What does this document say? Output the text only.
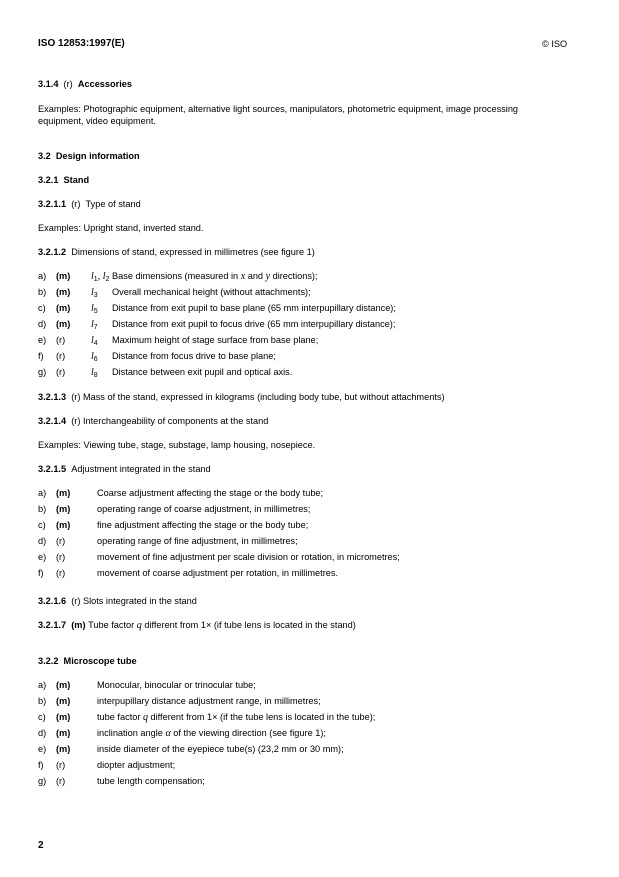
ISO 12853:1997(E)	© ISO
3.1.4 (r) Accessories
Examples: Photographic equipment, alternative light sources, manipulators, photometric equipment, image processing equipment, video equipment.
3.2 Design information
3.2.1 Stand
3.2.1.1 (r) Type of stand
Examples: Upright stand, inverted stand.
3.2.1.2 Dimensions of stand, expressed in millimetres (see figure 1)
a)	(m) $l_1$, $l_2$ Base dimensions (measured in x and y directions);
b)	(m) $l_3$ Overall mechanical height (without attachments);
c)	(m) $l_5$ Distance from exit pupil to base plane (65 mm interpupillary distance);
d)	(m) $l_7$ Distance from exit pupil to focus drive (65 mm interpupillary distance);
e)	(r)	$l_4$ Maximum height of stage surface from base plane;
f)	(r)	$l_6$ Distance from focus drive to base plane;
g)	(r)	$l_8$ Distance between exit pupil and optical axis.
3.2.1.3 (r) Mass of the stand, expressed in kilograms (including body tube, but without attachments)
3.2.1.4 (r) Interchangeability of components at the stand
Examples: Viewing tube, stage, substage, lamp housing, nosepiece.
3.2.1.5 Adjustment integrated in the stand
a)	(m)	Coarse adjustment affecting the stage or the body tube;
b)	(m)	operating range of coarse adjustment, in millimetres;
c)	(m)	fine adjustment affecting the stage or the body tube;
d)	(r)	operating range of fine adjustment, in millimetres;
e)	(r)	movement of fine adjustment per scale division or rotation, in micrometres;
f)	(r)	movement of coarse adjustment per rotation, in millimetres.
3.2.1.6 (r) Slots integrated in the stand
3.2.1.7 (m) Tube factor q different from 1× (if tube lens is located in the stand)
3.2.2 Microscope tube
a)	(m)	Monocular, binocular or trinocular tube;
b)	(m)	interpupillary distance adjustment range, in millimetres;
c)	(m)	tube factor q different from 1× (if the tube lens is located in the tube);
d)	(m)	inclination angle α of the viewing direction (see figure 1);
e)	(m)	inside diameter of the eyepiece tube(s) (23,2 mm or 30 mm);
f)	(r)	diopter adjustment;
g)	(r)	tube length compensation;
2
